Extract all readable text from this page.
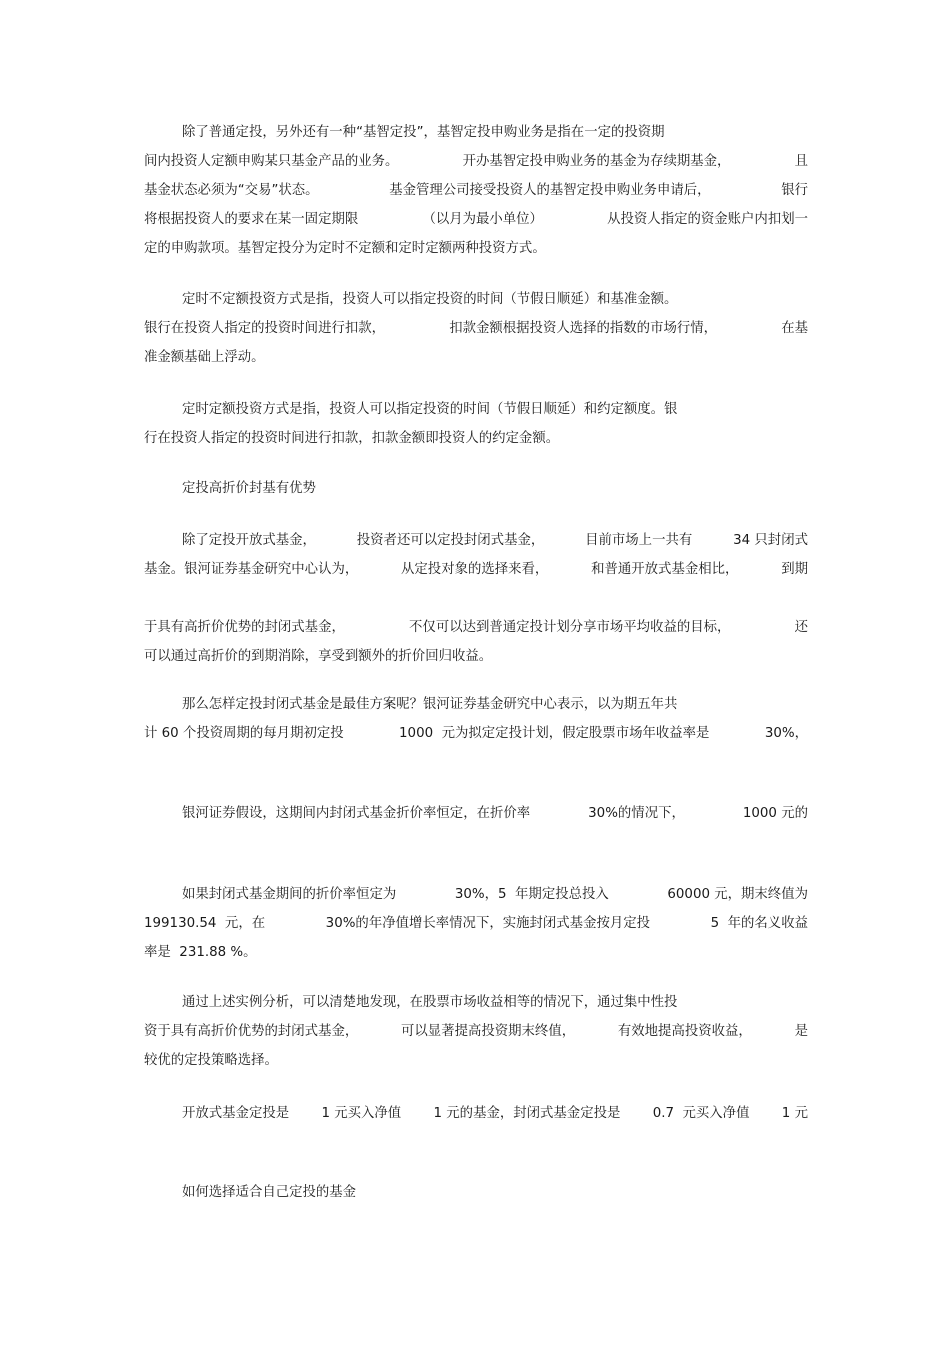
除了普通定投，另外还有一种“基智定投”，基智定投申购业务是指在一定的投资期
间内投资人定额申购某只基金产品的业务。	开办基智定投申购业务的基金为存续期基金，	且
基金状态必须为“交易”状态。	基金管理公司接受投资人的基智定投申购业务申请后，	银行
将根据投资人的要求在某一固定期限	（以月为最小单位）	从投资人指定的资金账户内扣划一
定的申购款项。基智定投分为定时不定额和定时定额两种投资方式。
定时不定额投资方式是指，投资人可以指定投资的时间（节假日顺延）和基准金额。
银行在投资人指定的投资时间进行扣款，	扣款金额根据投资人选择的指数的市场行情，	在基
准金额基础上浮动。
定时定额投资方式是指，投资人可以指定投资的时间（节假日顺延）和约定额度。银
行在投资人指定的投资时间进行扣款，扣款金额即投资人的约定金额。
定投高折价封基有优势
除了定投开放式基金，	投资者还可以定投封闭式基金，	目前市场上一共有	34 只封闭式
基金。银河证券基金研究中心认为，	从定投对象的选择来看，	和普通开放式基金相比，	到期

于具有高折价优势的封闭式基金，	不仅可以达到普通定投计划分享市场平均收益的目标，	还
可以通过高折价的到期消除，享受到额外的折价回归收益。
那么怎样定投封闭式基金是最佳方案呢？银河证券基金研究中心表示，以为期五年共
计 60 个投资周期的每月期初定投	1000  元为拟定定投计划，假定股票市场年收益率是	30%，

银河证券假设，这期间内封闭式基金折价率恒定，在折价率	30%的情况下，	1000 元的

如果封闭式基金期间的折价率恒定为	30%，5  年期定投总投入	60000 元，期末终值为
199130.54  元，在	30%的年净值增长率情况下，实施封闭式基金按月定投	5  年的名义收益
率是  231.88 %。
通过上述实例分析，可以清楚地发现，在股票市场收益相等的情况下，通过集中性投
资于具有高折价优势的封闭式基金，	可以显著提高投资期末终值，	有效地提高投资收益，	是
较优的定投策略选择。
开放式基金定投是 1 元买入净值 1 元的基金，封闭式基金定投是 0.7  元买入净值 1 元

如何选择适合自己定投的基金
